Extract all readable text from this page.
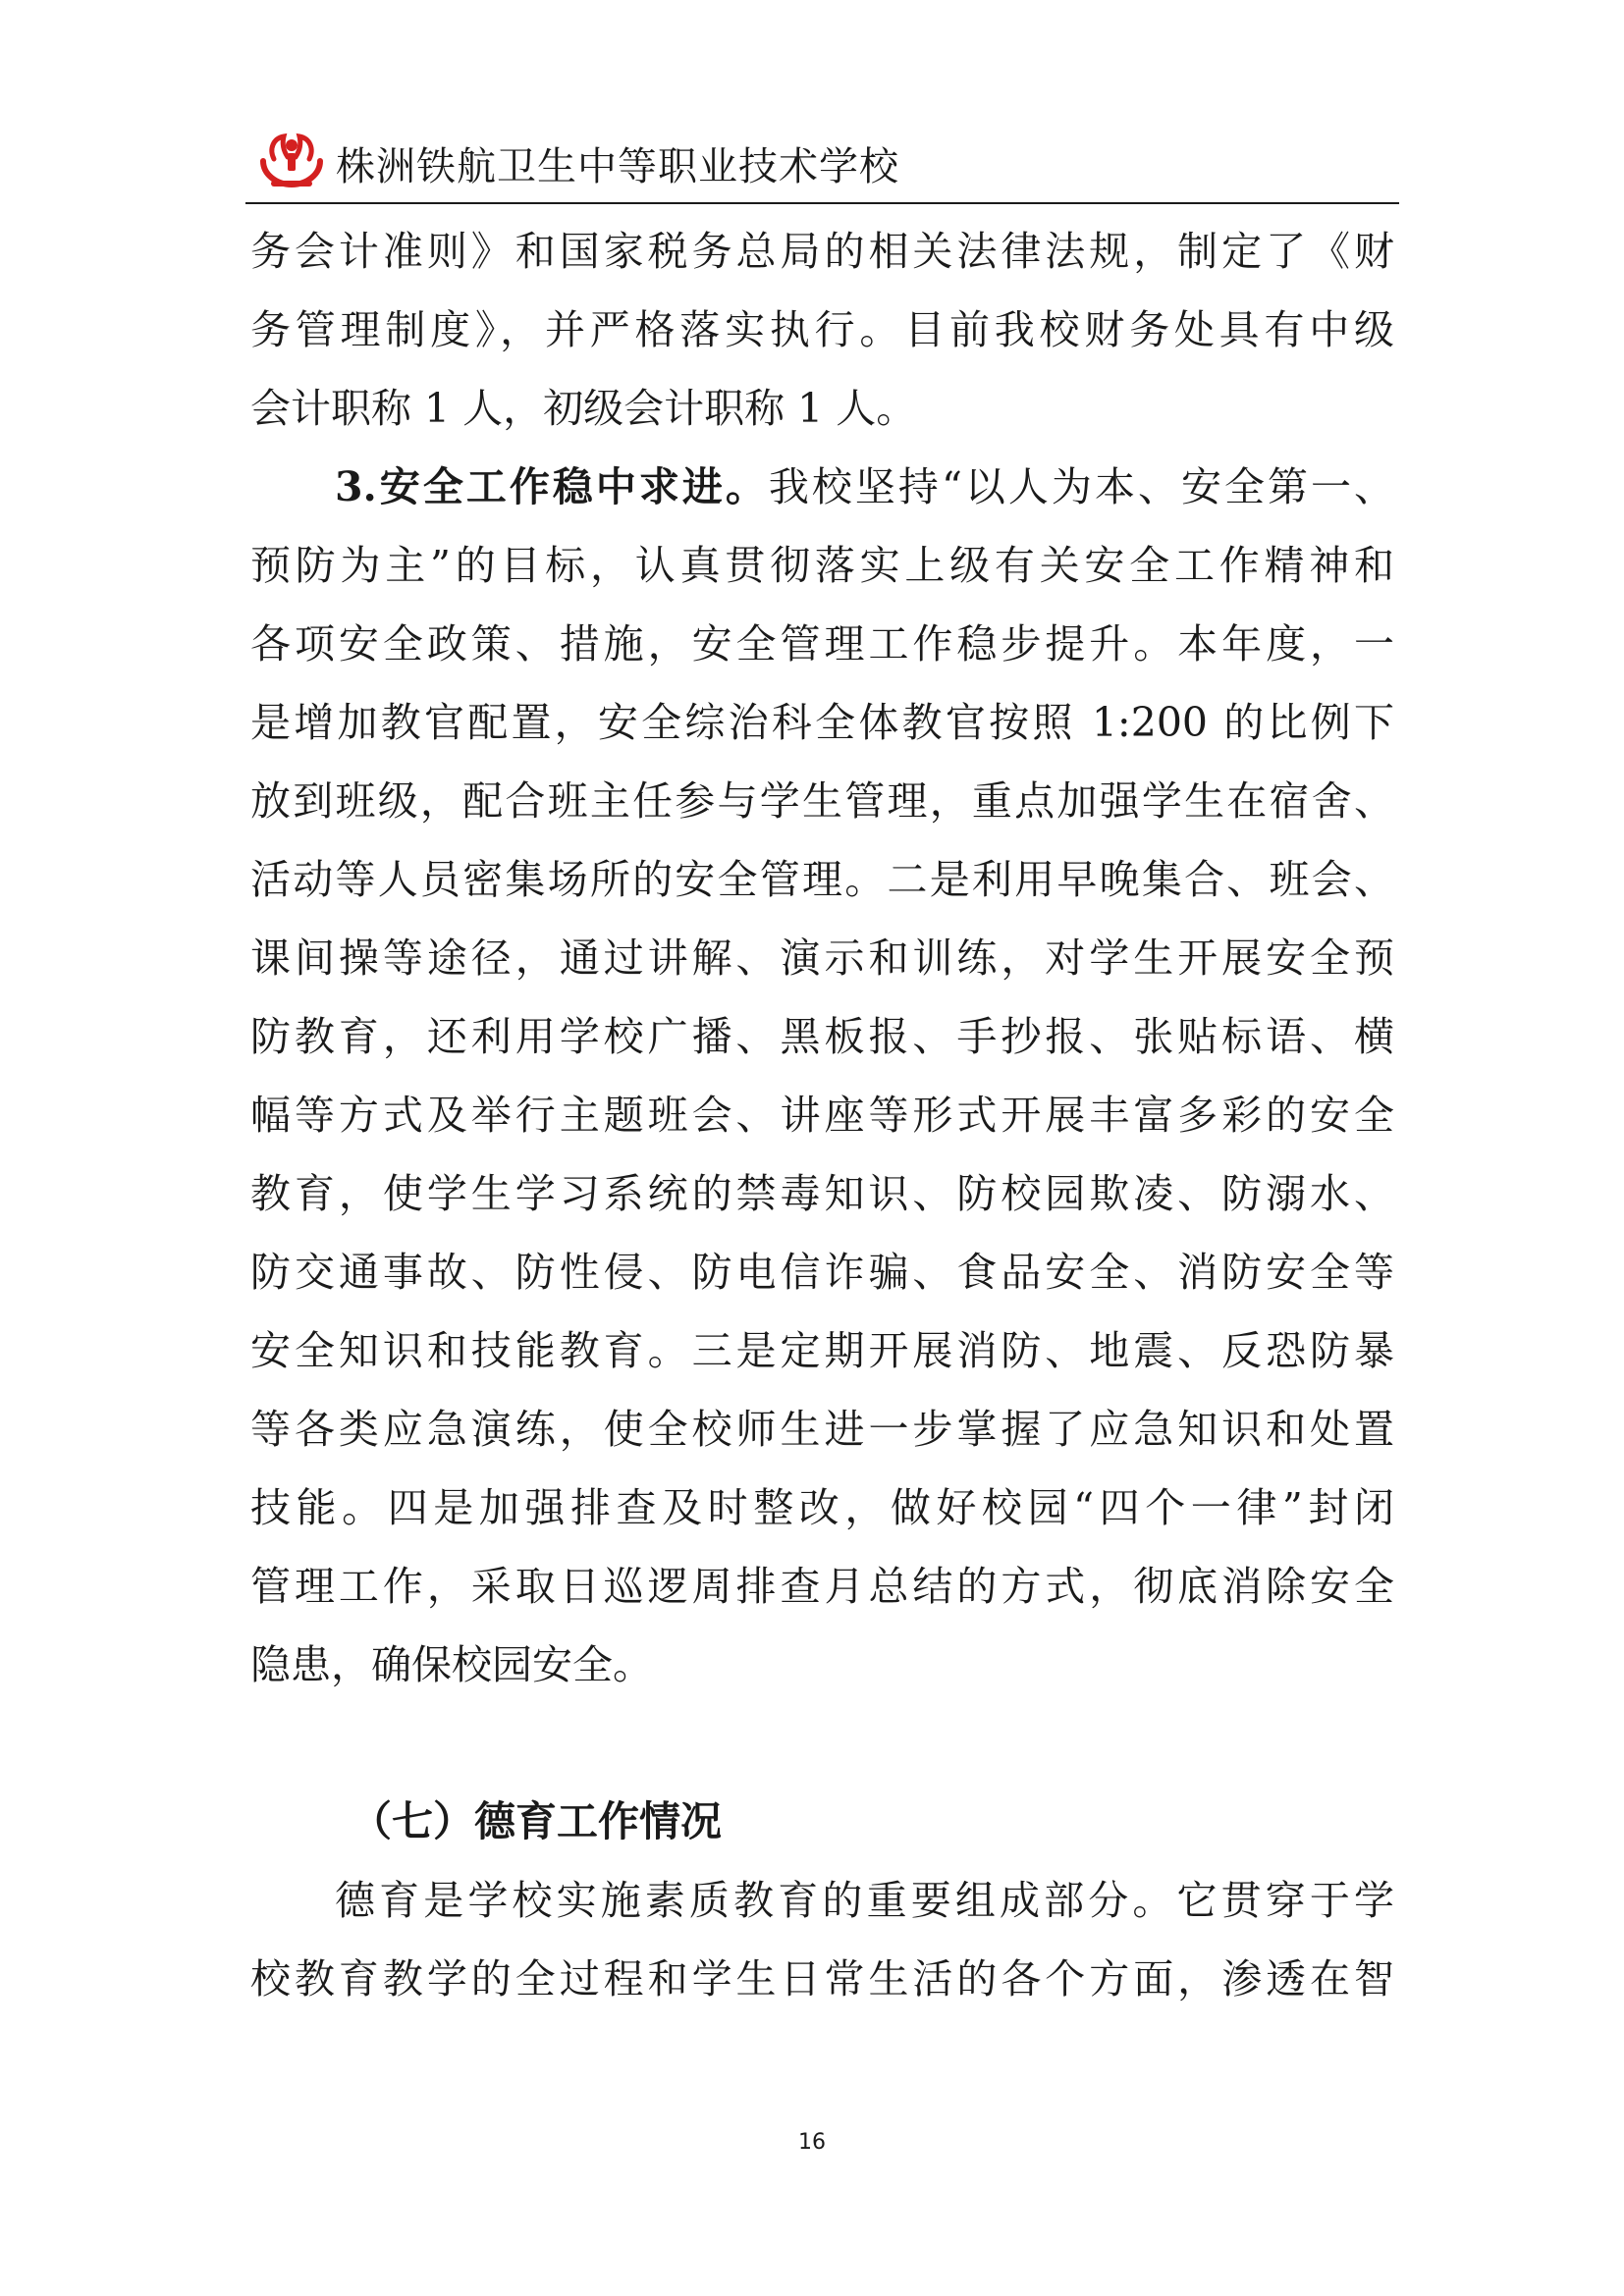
株洲铁航卫生中等职业技术学校
务会计准则》和国家税务总局的相关法律法规，制定了《财
务管理制度》，并严格落实执行。目前我校财务处具有中级
会计职称 1 人，初级会计职称 1 人。
3.安全工作稳中求进。我校坚持“以人为本、安全第一、
预防为主”的目标，认真贯彻落实上级有关安全工作精神和
各项安全政策、措施，安全管理工作稳步提升。本年度，一
是增加教官配置，安全综治科全体教官按照 1:200 的比例下
放到班级，配合班主任参与学生管理，重点加强学生在宿舍、
活动等人员密集场所的安全管理。二是利用早晚集合、班会、
课间操等途径，通过讲解、演示和训练，对学生开展安全预
防教育，还利用学校广播、黑板报、手抄报、张贴标语、横
幅等方式及举行主题班会、讲座等形式开展丰富多彩的安全
教育，使学生学习系统的禁毒知识、防校园欺凌、防溺水、
防交通事故、防性侵、防电信诈骗、食品安全、消防安全等
安全知识和技能教育。三是定期开展消防、地震、反恐防暴
等各类应急演练，使全校师生进一步掌握了应急知识和处置
技能。四是加强排查及时整改，做好校园“四个一律”封闭
管理工作，采取日巡逻周排查月总结的方式，彻底消除安全
隐患，确保校园安全。
（七）德育工作情况
德育是学校实施素质教育的重要组成部分。它贯穿于学
校教育教学的全过程和学生日常生活的各个方面，渗透在智
16
